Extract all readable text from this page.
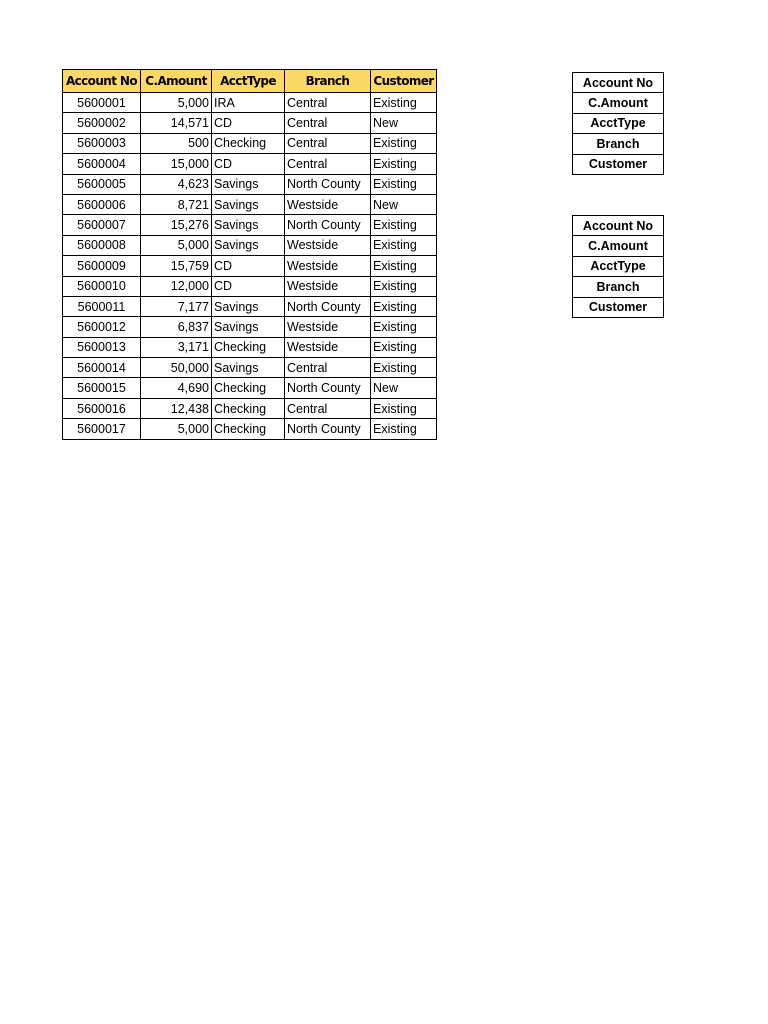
Account No	C.Amount	AcctType	Branch	Customer
5600001	5,000	IRA	Central	Existing
5600002	14,571	CD	Central	New
5600003	500	Checking	Central	Existing
5600004	15,000	CD	Central	Existing
5600005	4,623	Savings	North County	Existing
5600006	8,721	Savings	Westside	New
5600007	15,276	Savings	North County	Existing
5600008	5,000	Savings	Westside	Existing
5600009	15,759	CD	Westside	Existing
5600010	12,000	CD	Westside	Existing
5600011	7,177	Savings	North County	Existing
5600012	6,837	Savings	Westside	Existing
5600013	3,171	Checking	Westside	Existing
5600014	50,000	Savings	Central	Existing
5600015	4,690	Checking	North County	New
5600016	12,438	Checking	Central	Existing
5600017	5,000	Checking	North County	Existing
Account No
C.Amount
AcctType
Branch
Customer
Account No
C.Amount
AcctType
Branch
Customer
